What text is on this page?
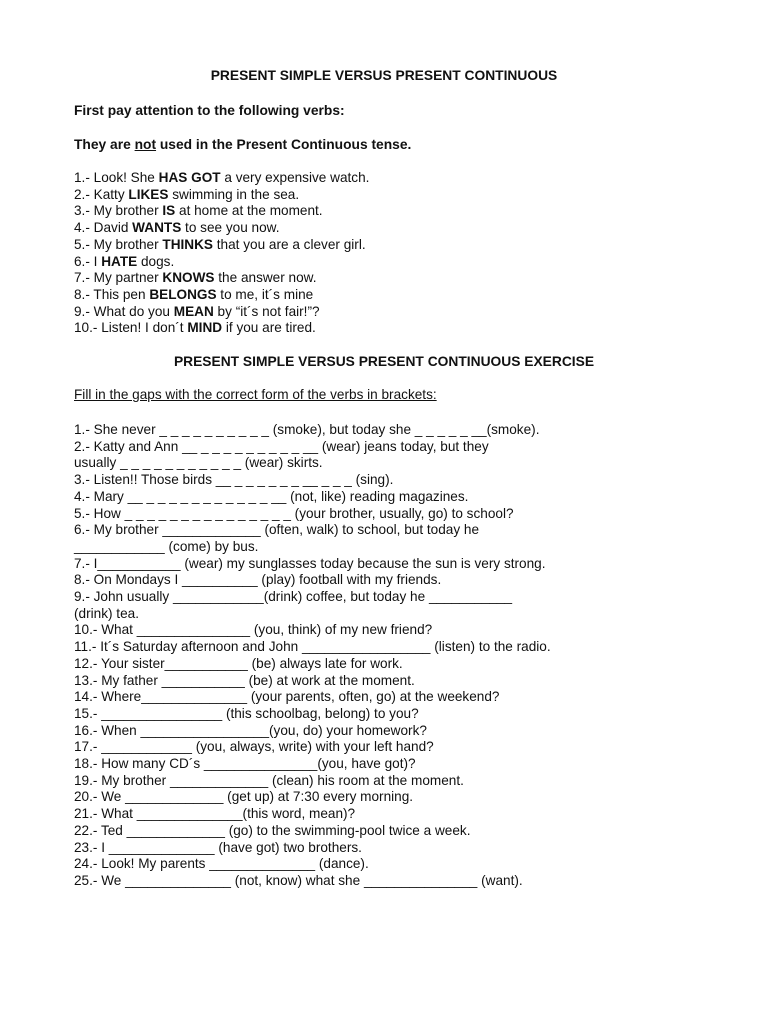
PRESENT SIMPLE VERSUS PRESENT CONTINUOUS
First pay attention to the following verbs:
They are not used in the Present Continuous tense.
1.- Look! She HAS GOT a very expensive watch.
2.- Katty LIKES swimming in the sea.
3.- My brother IS at home at the moment.
4.- David WANTS to see you now.
5.- My brother THINKS that you are a clever girl.
6.- I HATE dogs.
7.- My partner KNOWS the answer now.
8.- This pen BELONGS to me, it´s mine
9.- What do you MEAN by “it´s not fair!”?
10.- Listen! I don´t MIND if you are tired.
PRESENT SIMPLE VERSUS PRESENT CONTINUOUS EXERCISE
Fill in the gaps with the correct form of the verbs in brackets:
1.- She never _ _ _ _ _ _ _ _ _ _ (smoke), but today she _ _ _ _ _ __(smoke).
2.- Katty and Ann __ _ _ _ _ _ _ _ _ _ __ (wear) jeans today, but they
usually _ _ _ _ _ _ _ _ _ _ _ (wear) skirts.
3.- Listen!! Those birds __ _ _ _ _ _ _ __ _ _ _ (sing).
4.- Mary __ _ _ _ _ _ _ _ _ _ _ _ __ (not, like) reading magazines.
5.- How _ _ _ _ _ _ _ _ _ _ _ _ _ _ _ (your brother, usually, go) to school?
6.- My brother _____________ (often, walk) to school, but today he
____________ (come) by bus.
7.- I___________ (wear) my sunglasses today because the sun is very strong.
8.- On Mondays I __________ (play) football with my friends.
9.- John usually ____________(drink) coffee, but today he ___________
(drink) tea.
10.- What _______________ (you, think) of my new friend?
11.- It´s Saturday afternoon and John _________________ (listen) to the radio.
12.- Your sister___________ (be) always late for work.
13.- My father ___________ (be) at work at the moment.
14.- Where______________ (your parents, often, go) at the weekend?
15.- ________________ (this schoolbag, belong) to you?
16.- When _________________(you, do) your homework?
17.- ____________ (you, always, write) with your left hand?
18.- How many CD´s _______________(you, have got)?
19.- My brother _____________ (clean) his room at the moment.
20.- We _____________ (get up) at 7:30 every morning.
21.- What ______________(this word, mean)?
22.- Ted _____________ (go) to the swimming-pool twice a week.
23.- I ______________ (have got) two brothers.
24.- Look! My parents ______________ (dance).
25.- We ______________ (not, know) what she _______________ (want).
